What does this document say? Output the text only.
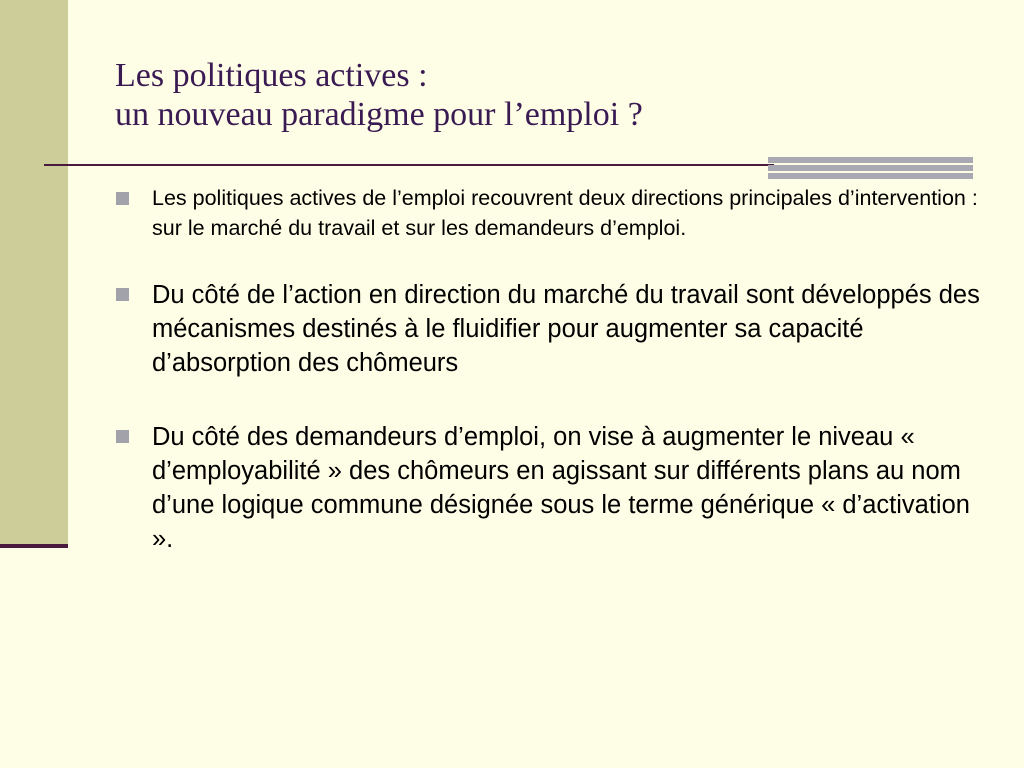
Les politiques actives :
un nouveau paradigme pour l’emploi ?
Les politiques actives de l’emploi recouvrent deux directions principales d’intervention : sur le marché du travail et sur les demandeurs d’emploi.
Du côté de l’action en direction du marché du travail sont développés des mécanismes destinés à le fluidifier pour augmenter sa capacité d’absorption des chômeurs
Du côté des demandeurs d’emploi, on vise à augmenter le niveau « d’employabilité » des chômeurs en agissant sur différents plans au nom d’une logique commune désignée sous le terme générique « d’activation ».
